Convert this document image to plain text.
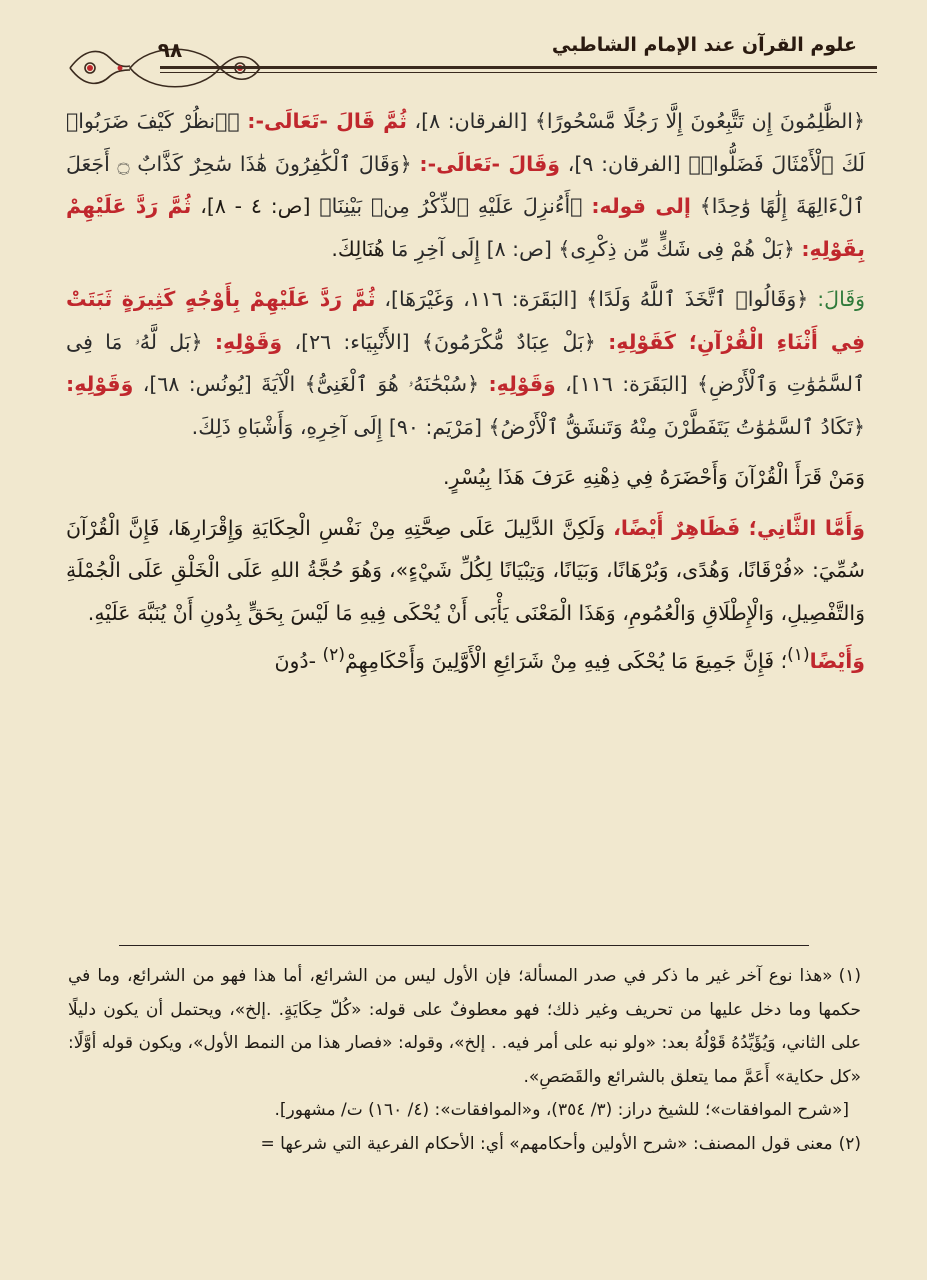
٩٨	علوم القرآن عند الإمام الشاطبي

﴿الظَّٰلِمُونَ إِن تَتَّبِعُونَ إِلَّا رَجُلًا مَّسْحُورًا﴾ [الفرقان: ٨]، ثُمَّ قَالَ -تَعَالَى-: ﴿ٱنظُرْ كَيْفَ ضَرَبُوا۟ لَكَ ٱلْأَمْثَالَ فَضَلُّوا۟﴾ [الفرقان: ٩]، وَقَالَ -تَعَالَى-: ﴿وَقَالَ ٱلْكَٰفِرُونَ هَٰذَا سَٰحِرٌ كَذَّابٌ ۝ أَجَعَلَ ٱلْءَالِهَةَ إِلَٰهًا وَٰحِدًا﴾ إلى قوله: ﴿أَءُنزِلَ عَلَيْهِ ٱلذِّكْرُ مِنۢ بَيْنِنَا﴾ [ص: ٤ - ٨]، ثُمَّ رَدَّ عَلَيْهِمْ بِقَوْلِهِ: ﴿بَلْ هُمْ فِى شَكٍّ مِّن ذِكْرِى﴾ [ص: ٨] إِلَى آخِرِ مَا هُنَالِكَ.

وَقَالَ: ﴿وَقَالُوا۟ ٱتَّخَذَ ٱللَّهُ وَلَدًا﴾ [البَقَرَة: ١١٦، وَغَيْرَهَا]، ثُمَّ رَدَّ عَلَيْهِمْ بِأَوْجُهٍ كَثِيرَةٍ ثَبَتَتْ فِي أَثْنَاءِ الْقُرْآنِ؛ كَقَوْلِهِ: ﴿بَلْ عِبَادٌ مُّكْرَمُونَ﴾ [الأَنْبِيَاء: ٢٦]، وَقَوْلِهِ: ﴿بَل لَّهُۥ مَا فِى ٱلسَّمَٰوَٰتِ وَٱلْأَرْضِ﴾ [البَقَرَة: ١١٦]، وَقَوْلِهِ: ﴿سُبْحَٰنَهُۥ هُوَ ٱلْغَنِىُّ﴾ الْآيَةَ [يُونُس: ٦٨]، وَقَوْلِهِ: ﴿تَكَادُ ٱلسَّمَٰوَٰتُ يَتَفَطَّرْنَ مِنْهُ وَتَنشَقُّ ٱلْأَرْضُ﴾ [مَرْيَم: ٩٠] إِلَى آخِرِهِ، وَأَشْبَاهِ ذَلِكَ.

وَمَنْ قَرَأَ الْقُرْآنَ وَأَحْضَرَهُ فِي ذِهْنِهِ عَرَفَ هَذَا بِيُسْرٍ.

وَأَمَّا الثَّانِي؛ فَظَاهِرٌ أَيْضًا، وَلَكِنَّ الدَّلِيلَ عَلَى صِحَّتِهِ مِنْ نَفْسِ الْحِكَايَةِ وَإِقْرَارِهَا، فَإِنَّ الْقُرْآنَ سُمِّيَ: «فُرْقَانًا، وَهُدًى، وَبُرْهَانًا، وَبَيَانًا، وَتِبْيَانًا لِكُلِّ شَيْءٍ»، وَهُوَ حُجَّةُ اللهِ عَلَى الْخَلْقِ عَلَى الْجُمْلَةِ وَالتَّفْصِيلِ، وَالْإِطْلَاقِ وَالْعُمُومِ، وَهَذَا الْمَعْنَى يَأْبَى أَنْ يُحْكَى فِيهِ مَا لَيْسَ بِحَقٍّ بِدُونِ أَنْ يُنَبَّهَ عَلَيْهِ.

وَأَيْضًا$^{(١)}$؛ فَإِنَّ جَمِيعَ مَا يُحْكَى فِيهِ مِنْ شَرَائِعِ الْأَوَّلِينَ وَأَحْكَامِهِمْ$^{(٢)}$ -دُونَ

(١)«هذا نوع آخر غير ما ذكر في صدر المسألة؛ فإن الأول ليس من الشرائع، أما هذا فهو من الشرائع، وما في حكمها وما دخل عليها من تحريف وغير ذلك؛ فهو معطوفٌ على قوله: «كُلّ حِكَايَةٍ. .إلخ»، ويحتمل أن يكون دليلًا على الثاني، وَيُؤَيِّدُهُ قَوْلُهُ بعد: «ولو نبه على أمر فيه. . إلخ»، وقوله: «فصار هذا من النمط الأول»، ويكون قوله أوَّلًا: «كل حكاية» أَعَمَّ مما يتعلق بالشرائع والقَصَصِ».

[«شرح الموافقات»؛ للشيخ دراز: (٣/ ٣٥٤)، و«الموافقات»: (٤/ ١٦٠) ت/ مشهور].

(٢)معنى قول المصنف: «شرح الأولين وأحكامهم» أي: الأحكام الفرعية التي شرعها =
